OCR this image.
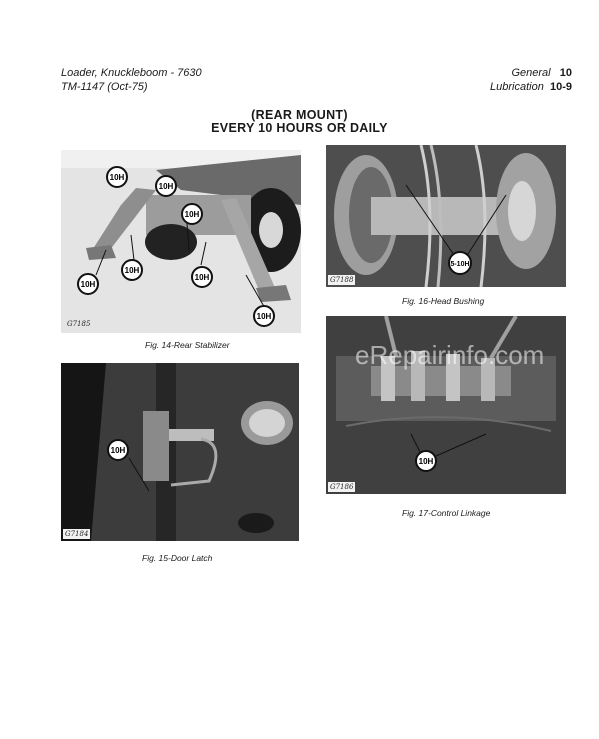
Loader, Knuckleboom - 7630
TM-1147 (Oct-75)
General 10
Lubrication 10-9
(REAR MOUNT)
EVERY 10 HOURS OR DAILY
10H
10H
10H
10H
10H
10H
10H
G7185
Fig. 14-Rear Stabilizer
10H
G7184
Fig. 15-Door Latch
5-10H
G7188
Fig. 16-Head Bushing
10H
G7186
Fig. 17-Control Linkage
eRepairinfo.com
